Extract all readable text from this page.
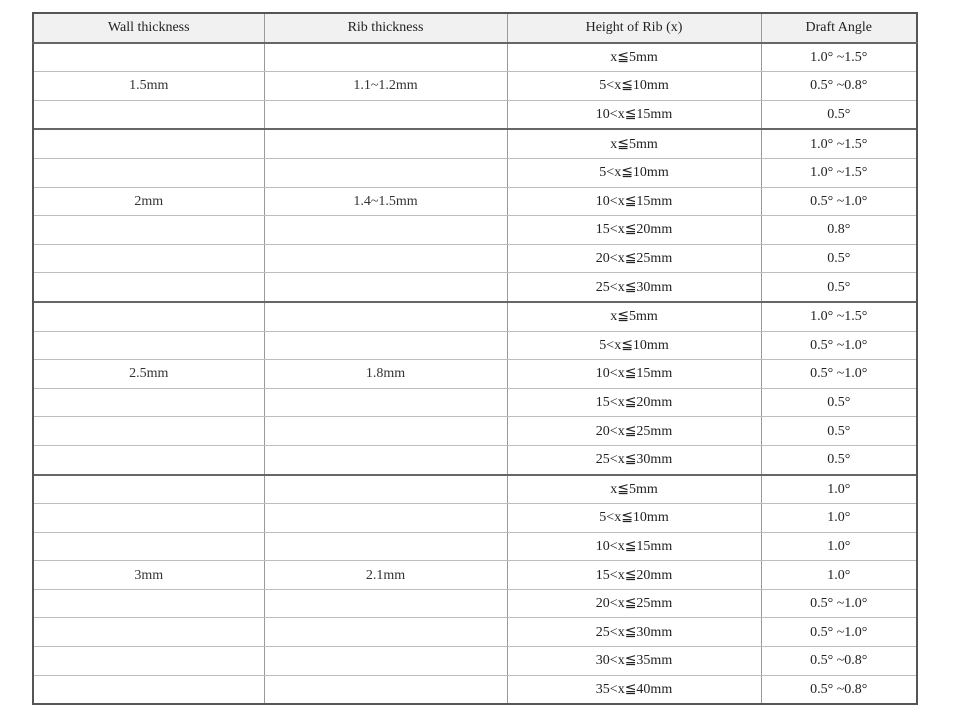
Wall thickness	Rib thickness	Height of Rib (x)	Draft Angle
		x≦5mm	1.0° ~1.5°
1.5mm	1.1~1.2mm	5<x≦10mm	0.5° ~0.8°
		10<x≦15mm	0.5°
		x≦5mm	1.0° ~1.5°
		5<x≦10mm	1.0° ~1.5°
2mm	1.4~1.5mm	10<x≦15mm	0.5° ~1.0°
		15<x≦20mm	0.8°
		20<x≦25mm	0.5°
		25<x≦30mm	0.5°
		x≦5mm	1.0° ~1.5°
		5<x≦10mm	0.5° ~1.0°
2.5mm	1.8mm	10<x≦15mm	0.5° ~1.0°
		15<x≦20mm	0.5°
		20<x≦25mm	0.5°
		25<x≦30mm	0.5°
		x≦5mm	1.0°
		5<x≦10mm	1.0°
		10<x≦15mm	1.0°
3mm	2.1mm	15<x≦20mm	1.0°
		20<x≦25mm	0.5° ~1.0°
		25<x≦30mm	0.5° ~1.0°
		30<x≦35mm	0.5° ~0.8°
		35<x≦40mm	0.5° ~0.8°
